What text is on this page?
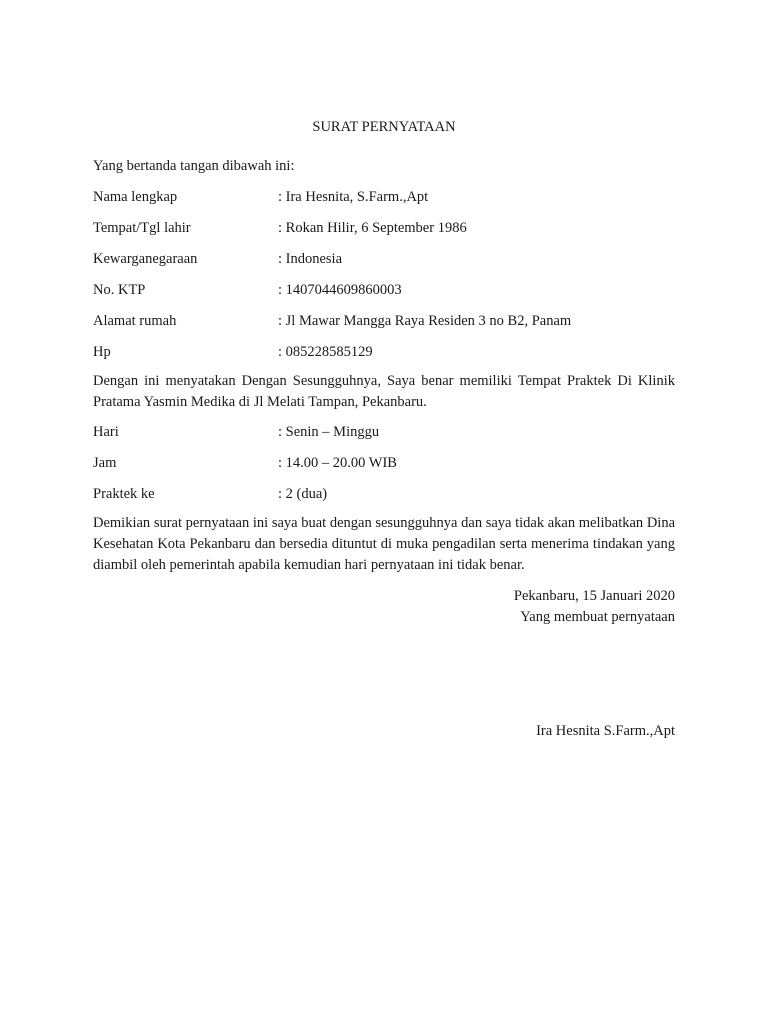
SURAT PERNYATAAN

Yang bertanda tangan dibawah ini:

Nama lengkap	: Ira Hesnita, S.Farm.,Apt
Tempat/Tgl lahir	: Rokan Hilir, 6 September 1986
Kewarganegaraan	: Indonesia
No. KTP	: 1407044609860003
Alamat rumah	: Jl Mawar Mangga Raya Residen 3 no B2, Panam
Hp	: 085228585129

Dengan ini menyatakan Dengan Sesungguhnya, Saya benar memiliki Tempat Praktek Di Klinik Pratama Yasmin Medika di Jl Melati Tampan, Pekanbaru.

Hari	: Senin – Minggu
Jam	: 14.00 – 20.00 WIB
Praktek ke	: 2 (dua)

Demikian surat pernyataan ini saya buat dengan sesungguhnya dan saya tidak akan melibatkan Dina Kesehatan Kota Pekanbaru dan bersedia dituntut di muka pengadilan serta menerima tindakan yang diambil oleh pemerintah apabila kemudian hari pernyataan ini tidak benar.

Pekanbaru, 15 Januari 2020
Yang membuat pernyataan
Ira Hesnita S.Farm.,Apt
